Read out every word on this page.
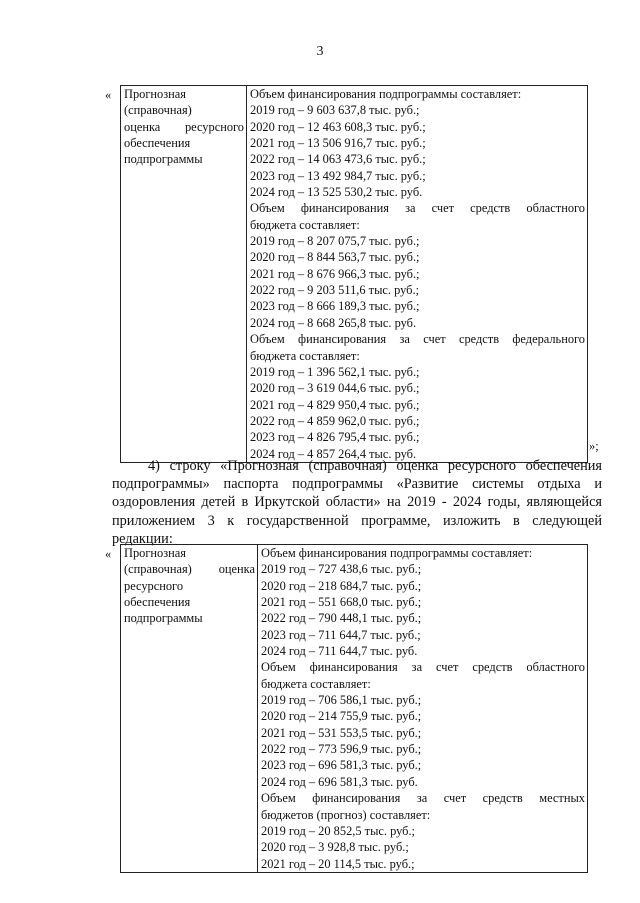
3
« Прогнозная
(справочная)
оценка ресурсного
обеспечения
подпрограммы

Объем финансирования подпрограммы составляет:
2019 год – 9 603 637,8 тыс. руб.;
2020 год – 12 463 608,3 тыс. руб.;
2021 год – 13 506 916,7 тыс. руб.;
2022 год – 14 063 473,6 тыс. руб.;
2023 год – 13 492 984,7 тыс. руб.;
2024 год – 13 525 530,2 тыс. руб.
Объем финансирования за счет средств областного
бюджета составляет:
2019 год – 8 207 075,7 тыс. руб.;
2020 год – 8 844 563,7 тыс. руб.;
2021 год – 8 676 966,3 тыс. руб.;
2022 год – 9 203 511,6 тыс. руб.;
2023 год – 8 666 189,3 тыс. руб.;
2024 год – 8 668 265,8 тыс. руб.
Объем финансирования за счет средств федерального
бюджета составляет:
2019 год – 1 396 562,1 тыс. руб.;
2020 год – 3 619 044,6 тыс. руб.;
2021 год – 4 829 950,4 тыс. руб.;
2022 год – 4 859 962,0 тыс. руб.;
2023 год – 4 826 795,4 тыс. руб.;
2024 год – 4 857 264,4 тыс. руб.
»;
4) строку «Прогнозная (справочная) оценка ресурсного обеспечения
подпрограммы» паспорта подпрограммы «Развитие системы отдыха и
оздоровления детей в Иркутской области» на 2019 - 2024 годы, являющейся
приложением 3 к государственной программе, изложить в следующей
редакции:
« Прогнозная
(справочная) оценка
ресурсного
обеспечения
подпрограммы

Объем финансирования подпрограммы составляет:
2019 год – 727 438,6 тыс. руб.;
2020 год – 218 684,7 тыс. руб.;
2021 год – 551 668,0 тыс. руб.;
2022 год – 790 448,1 тыс. руб.;
2023 год – 711 644,7 тыс. руб.;
2024 год – 711 644,7 тыс. руб.
Объем финансирования за счет средств областного
бюджета составляет:
2019 год – 706 586,1 тыс. руб.;
2020 год – 214 755,9 тыс. руб.;
2021 год – 531 553,5 тыс. руб.;
2022 год – 773 596,9 тыс. руб.;
2023 год – 696 581,3 тыс. руб.;
2024 год – 696 581,3 тыс. руб.
Объем финансирования за счет средств местных
бюджетов (прогноз) составляет:
2019 год – 20 852,5 тыс. руб.;
2020 год – 3 928,8 тыс. руб.;
2021 год – 20 114,5 тыс. руб.;
